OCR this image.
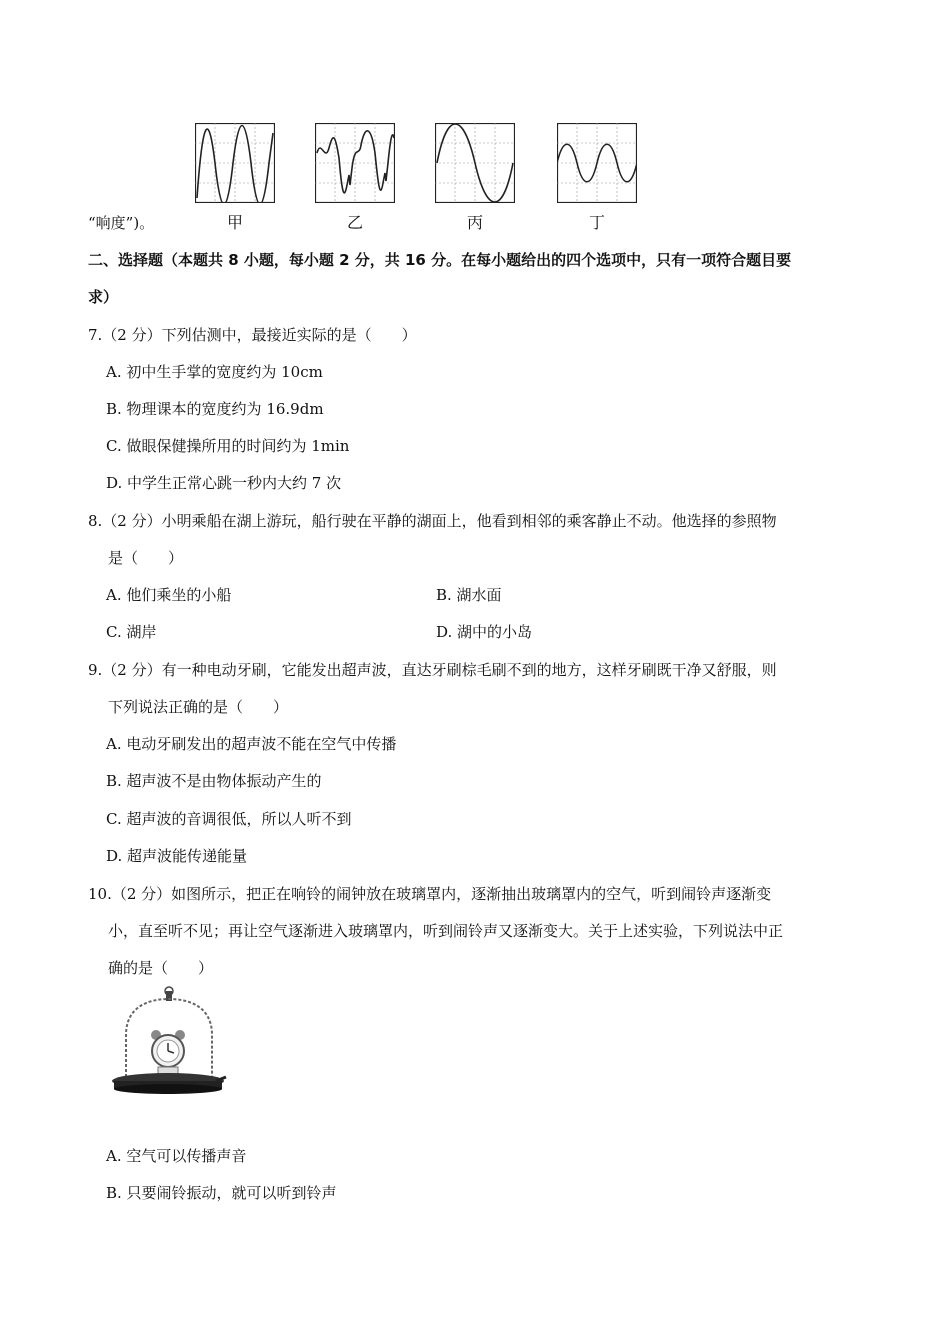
甲	乙	丙	丁
“响度”)。
二、选择题（本题共 8 小题，每小题 2 分，共 16 分。在每小题给出的四个选项中，只有一项符合题目要
求）
7.（2 分）下列估测中，最接近实际的是（　　）
A. 初中生手掌的宽度约为 10cm
B. 物理课本的宽度约为 16.9dm
C. 做眼保健操所用的时间约为 1min
D. 中学生正常心跳一秒内大约 7 次
8.（2 分）小明乘船在湖上游玩，船行驶在平静的湖面上，他看到相邻的乘客静止不动。他选择的参照物
是（　　）
A. 他们乘坐的小船	B. 湖水面
C. 湖岸	D. 湖中的小岛
9.（2 分）有一种电动牙刷，它能发出超声波，直达牙刷棕毛刷不到的地方，这样牙刷既干净又舒服，则
下列说法正确的是（　　）
A. 电动牙刷发出的超声波不能在空气中传播
B. 超声波不是由物体振动产生的
C. 超声波的音调很低，所以人听不到
D. 超声波能传递能量
10.（2 分）如图所示，把正在响铃的闹钟放在玻璃罩内，逐渐抽出玻璃罩内的空气，听到闹铃声逐渐变
小，直至听不见；再让空气逐渐进入玻璃罩内，听到闹铃声又逐渐变大。关于上述实验，下列说法中正
确的是（　　）
A. 空气可以传播声音
B. 只要闹铃振动，就可以听到铃声
